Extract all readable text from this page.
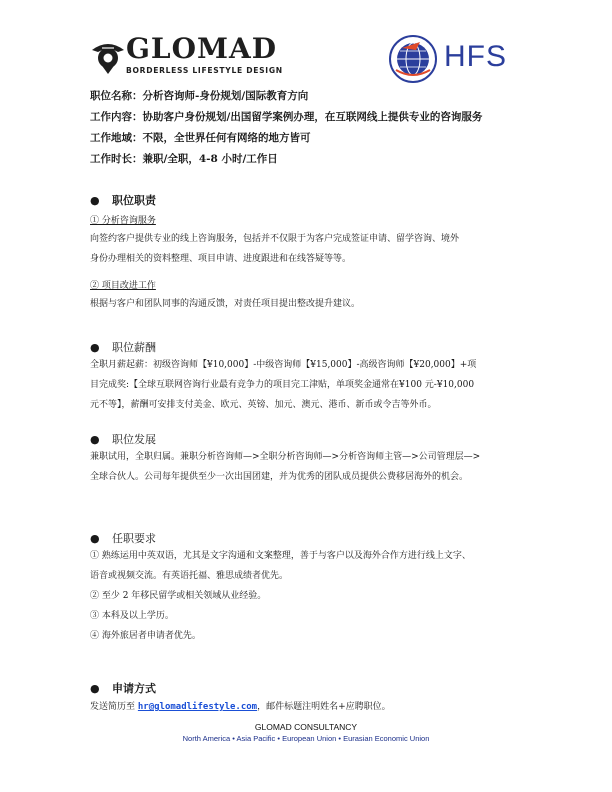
GLOMAD
BORDERLESS LIFESTYLE DESIGN	HFS
职位名称：分析咨询师-身份规划/国际教育方向
工作内容：协助客户身份规划/出国留学案例办理，在互联网线上提供专业的咨询服务
工作地域：不限，全世界任何有网络的地方皆可
工作时长：兼职/全职，4-8 小时/工作日
●	职位职责
① 分析咨询服务
向签约客户提供专业的线上咨询服务，包括并不仅限于为客户完成签证申请、留学咨询、境外
身份办理相关的资料整理、项目申请、进度跟进和在线答疑等等。
② 项目改进工作
根据与客户和团队同事的沟通反馈，对责任项目提出整改提升建议。
●	职位薪酬
全职月薪起薪：初级咨询师【¥10,000】-中级咨询师【¥15,000】-高级咨询师【¥20,000】+项
目完成奖:【全球互联网咨询行业最有竞争力的项目完工津贴，单项奖金通常在¥100 元-¥10,000
元不等】，薪酬可安排支付美金、欧元、英镑、加元、澳元、港币、新币或令吉等外币。
●	职位发展
兼职试用，全职归属。兼职分析咨询师—>全职分析咨询师—>分析咨询师主管—>公司管理层—>
全球合伙人。公司每年提供至少一次出国团建，并为优秀的团队成员提供公费移居海外的机会。
●	任职要求
① 熟练运用中英双语，尤其是文字沟通和文案整理，善于与客户以及海外合作方进行线上文字、
语音或视频交流。有英语托福、雅思成绩者优先。
② 至少 2 年移民留学或相关领域从业经验。
③ 本科及以上学历。
④ 海外旅居者申请者优先。
●	申请方式
发送简历至 hr@glomadlifestyle.com，邮件标题注明姓名+应聘职位。
GLOMAD CONSULTANCY
North America • Asia Pacific • European Union • Eurasian Economic Union
